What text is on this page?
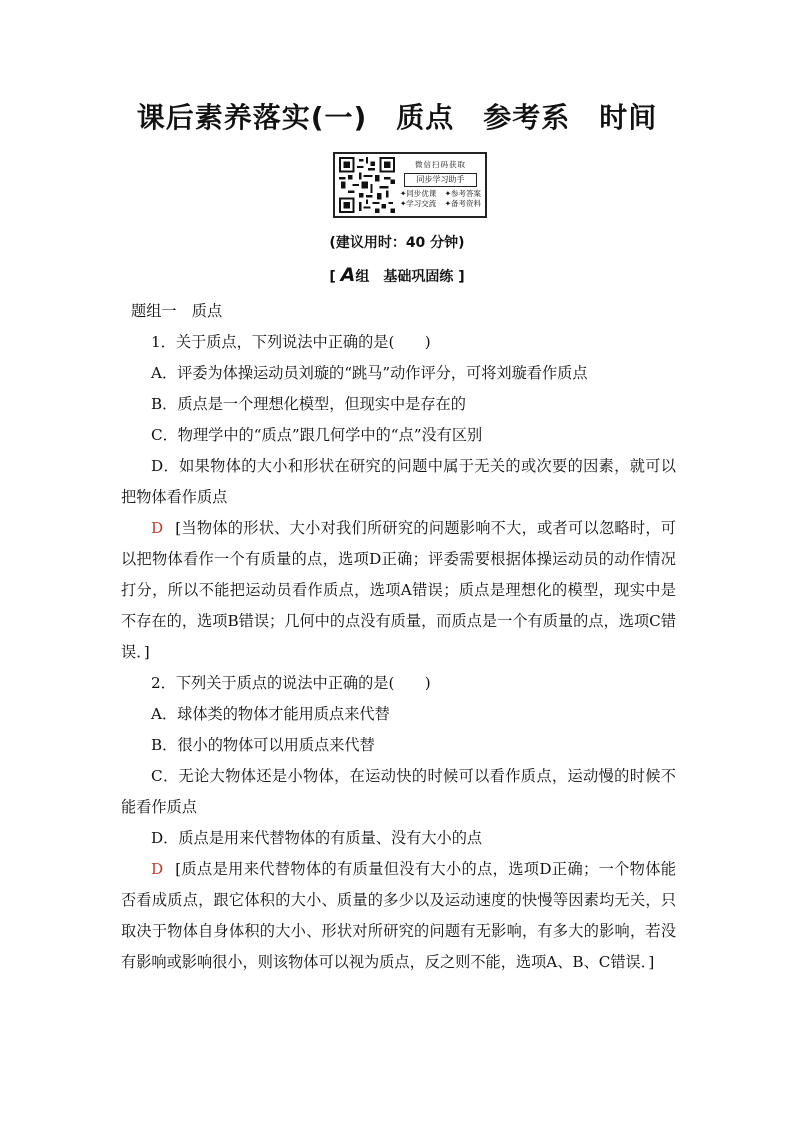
课后素养落实(一)　质点　参考系　时间
微信扫码获取
同步学习助手
✦同步优课 ✦参考答案
✦学习交流 ✦备考资料
(建议用时：40 分钟)
[ A组　基础巩固练 ]

题组一　质点

1．关于质点，下列说法中正确的是(　　)

A．评委为体操运动员刘璇的“跳马”动作评分，可将刘璇看作质点

B．质点是一个理想化模型，但现实中是存在的

C．物理学中的“质点”跟几何学中的“点”没有区别

D．如果物体的大小和形状在研究的问题中属于无关的或次要的因素，就可以把物体看作质点

D [当物体的形状、大小对我们所研究的问题影响不大，或者可以忽略时，可以把物体看作一个有质量的点，选项D正确；评委需要根据体操运动员的动作情况打分，所以不能把运动员看作质点，选项A错误；质点是理想化的模型，现实中是不存在的，选项B错误；几何中的点没有质量，而质点是一个有质量的点，选项C错误．]

2．下列关于质点的说法中正确的是(　　)

A．球体类的物体才能用质点来代替

B．很小的物体可以用质点来代替

C．无论大物体还是小物体，在运动快的时候可以看作质点，运动慢的时候不能看作质点

D．质点是用来代替物体的有质量、没有大小的点

D [质点是用来代替物体的有质量但没有大小的点，选项D正确；一个物体能否看成质点，跟它体积的大小、质量的多少以及运动速度的快慢等因素均无关，只取决于物体自身体积的大小、形状对所研究的问题有无影响，有多大的影响，若没有影响或影响很小，则该物体可以视为质点，反之则不能，选项A、B、C错误．]
